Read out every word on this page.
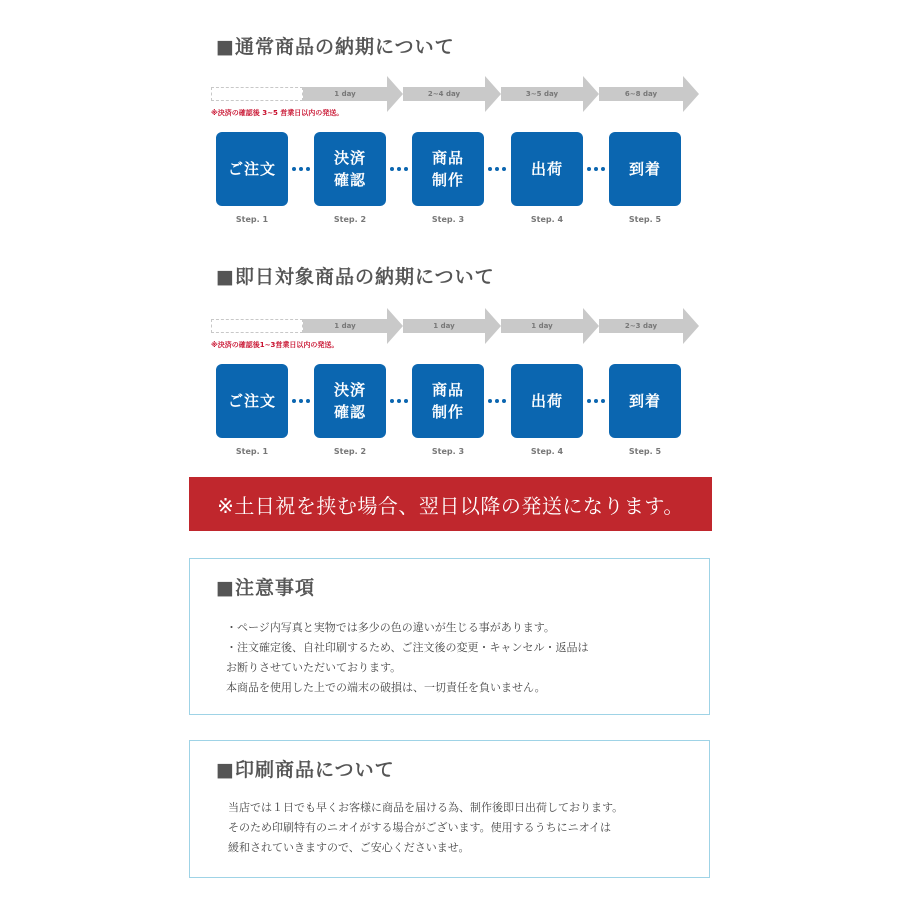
■通常商品の納期について
1 day	2~4 day	3~5 day	6~8 day
※決済の確認後 3~5 営業日以内の発送。
ご注文
決済
確認
商品
制作
出荷	到着
Step. 1	Step. 2	Step. 3	Step. 4	Step. 5
■即日対象商品の納期について
1 day	1 day	1 day	2~3 day
※決済の確認後1~3営業日以内の発送。
ご注文
決済
確認
商品
制作
出荷	到着
Step. 1	Step. 2	Step. 3	Step. 4	Step. 5
※土日祝を挟む場合、翌日以降の発送になります。
■注意事項
・ページ内写真と実物では多少の色の違いが生じる事があります。
・注文確定後、自社印刷するため、ご注文後の変更・キャンセル・返品は
お断りさせていただいております。
本商品を使用した上での端末の破損は、一切責任を負いません。
■印刷商品について
当店では１日でも早くお客様に商品を届ける為、制作後即日出荷しております。
そのため印刷特有のニオイがする場合がございます。使用するうちにニオイは
緩和されていきますので、ご安心くださいませ。
